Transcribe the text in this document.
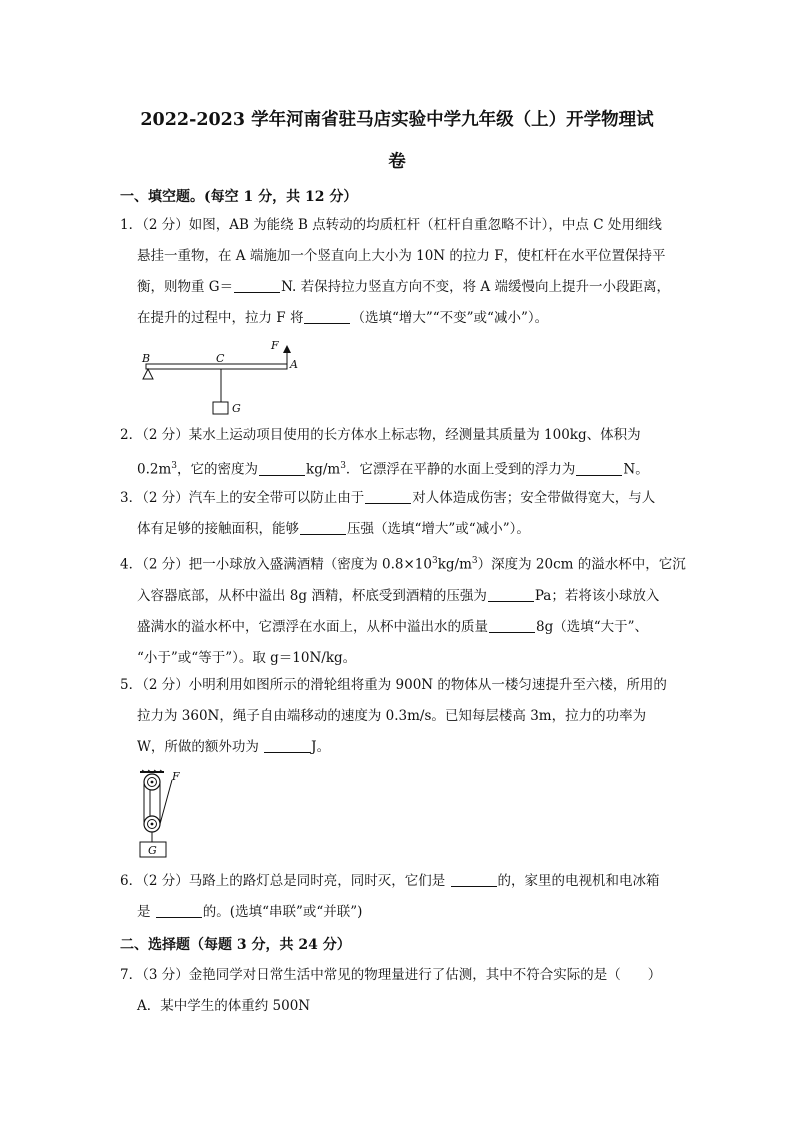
2022-2023 学年河南省驻马店实验中学九年级（上）开学物理试
卷
一、填空题。(每空 1 分，共 12 分）
1．（2 分）如图，AB 为能绕 B 点转动的均质杠杆（杠杆自重忽略不计），中点 C 处用细线
悬挂一重物，在 A 端施加一个竖直向上大小为 10N 的拉力 F，使杠杆在水平位置保持平
衡，则物重 G＝	N. 若保持拉力竖直方向不变，将 A 端缓慢向上提升一小段距离，
在提升的过程中，拉力 F 将	（选填“增大”“不变”或“减小”）。
B	C
F
A
G
2．（2 分）某水上运动项目使用的长方体水上标志物，经测量其质量为 100kg、体积为
$0.2m^3$，它的密度为	$kg/m^3$．它漂浮在平静的水面上受到的浮力为	N。
3．（2 分）汽车上的安全带可以防止由于	对人体造成伤害；安全带做得宽大，与人
体有足够的接触面积，能够	压强（选填“增大”或“减小”）。
4．（2 分）把一小球放入盛满酒精（密度为 $0.8\times 10^3kg/m^3$）深度为 20cm 的溢水杯中，它沉
入容器底部，从杯中溢出 8g 酒精，杯底受到酒精的压强为	Pa；若将该小球放入
盛满水的溢水杯中，它漂浮在水面上，从杯中溢出水的质量	8g（选填“大于”、
“小于”或“等于”）。取 g＝10N/kg。
5．（2 分）小明利用如图所示的滑轮组将重为 900N 的物体从一楼匀速提升至六楼，所用的
拉力为 360N，绳子自由端移动的速度为 0.3m/s。已知每层楼高 3m，拉力的功率为
W，所做的额外功为	J。
F
G
6．（2 分）马路上的路灯总是同时亮，同时灭，它们是	的，家里的电视机和电冰箱
是	的。(选填“串联”或“并联”)
二、选择题（每题 3 分，共 24 分）
7．（3 分）金艳同学对日常生活中常见的物理量进行了估测，其中不符合实际的是（　　）
A．某中学生的体重约 500N
